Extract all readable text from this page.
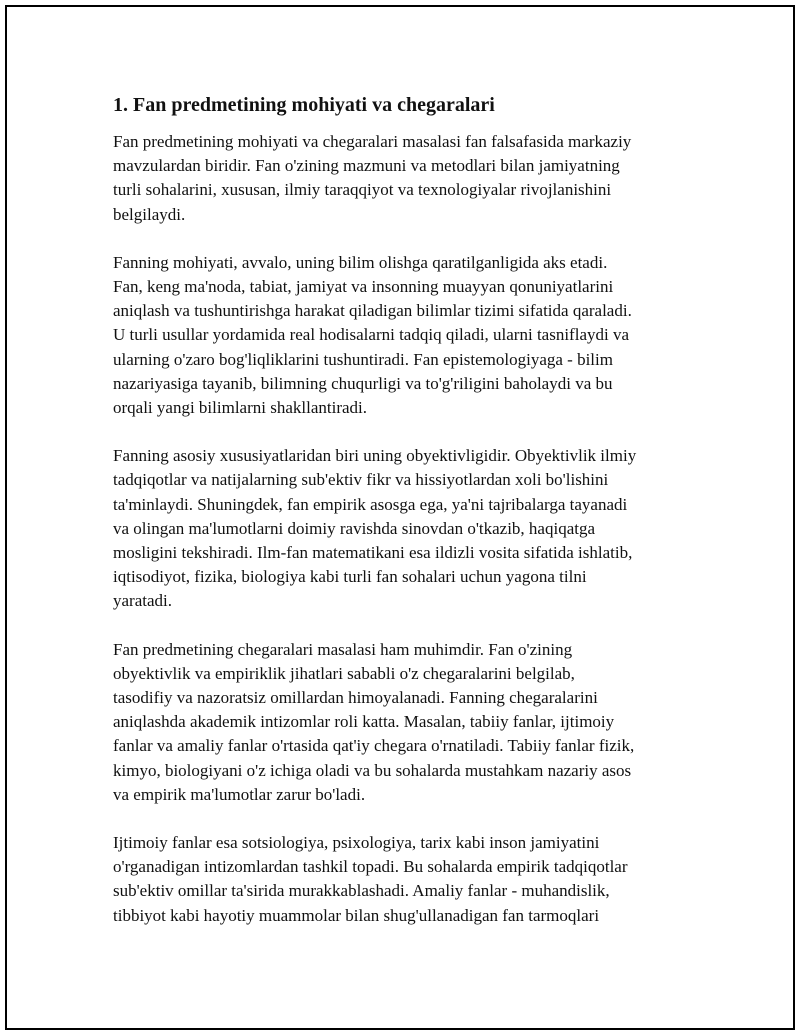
1. Fan predmetining mohiyati va chegaralari

Fan predmetining mohiyati va chegaralari masalasi fan falsafasida markaziy
mavzulardan biridir. Fan o'zining mazmuni va metodlari bilan jamiyatning
turli sohalarini, xususan, ilmiy taraqqiyot va texnologiyalar rivojlanishini
belgilaydi.

Fanning mohiyati, avvalo, uning bilim olishga qaratilganligida aks etadi.
Fan, keng ma'noda, tabiat, jamiyat va insonning muayyan qonuniyatlarini
aniqlash va tushuntirishga harakat qiladigan bilimlar tizimi sifatida qaraladi.
U turli usullar yordamida real hodisalarni tadqiq qiladi, ularni tasniflaydi va
ularning o'zaro bog'liqliklarini tushuntiradi. Fan epistemologiyaga - bilim
nazariyasiga tayanib, bilimning chuqurligi va to'g'riligini baholaydi va bu
orqali yangi bilimlarni shakllantiradi.

Fanning asosiy xususiyatlaridan biri uning obyektivligidir. Obyektivlik ilmiy
tadqiqotlar va natijalarning sub'ektiv fikr va hissiyotlardan xoli bo'lishini
ta'minlaydi. Shuningdek, fan empirik asosga ega, ya'ni tajribalarga tayanadi
va olingan ma'lumotlarni doimiy ravishda sinovdan o'tkazib, haqiqatga
mosligini tekshiradi. Ilm-fan matematikani esa ildizli vosita sifatida ishlatib,
iqtisodiyot, fizika, biologiya kabi turli fan sohalari uchun yagona tilni
yaratadi.

Fan predmetining chegaralari masalasi ham muhimdir. Fan o'zining
obyektivlik va empiriklik jihatlari sababli o'z chegaralarini belgilab,
tasodifiy va nazoratsiz omillardan himoyalanadi. Fanning chegaralarini
aniqlashda akademik intizomlar roli katta. Masalan, tabiiy fanlar, ijtimoiy
fanlar va amaliy fanlar o'rtasida qat'iy chegara o'rnatiladi. Tabiiy fanlar fizik,
kimyo, biologiyani o'z ichiga oladi va bu sohalarda mustahkam nazariy asos
va empirik ma'lumotlar zarur bo'ladi.

Ijtimoiy fanlar esa sotsiologiya, psixologiya, tarix kabi inson jamiyatini
o'rganadigan intizomlardan tashkil topadi. Bu sohalarda empirik tadqiqotlar
sub'ektiv omillar ta'sirida murakkablashadi. Amaliy fanlar - muhandislik,
tibbiyot kabi hayotiy muammolar bilan shug'ullanadigan fan tarmoqlari
